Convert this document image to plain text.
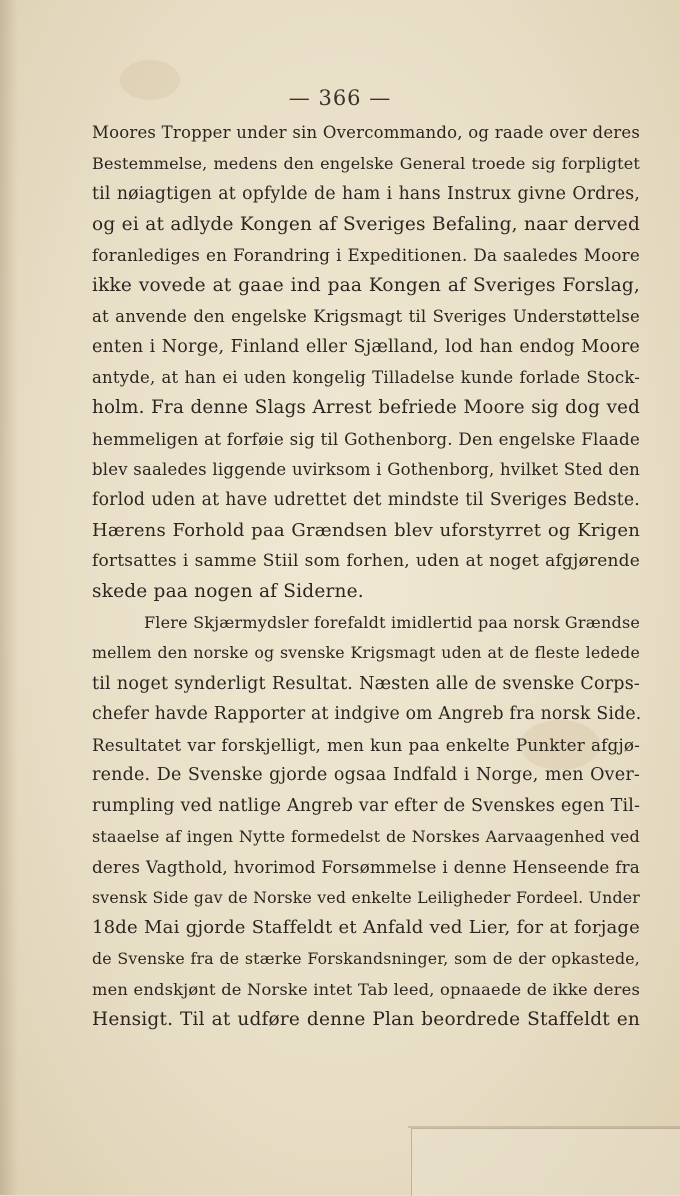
— 366 —
Moores Tropper under sin Overcommando, og raade over deres
Bestemmelse, medens den engelske General troede sig forpligtet
til nøiagtigen at opfylde de ham i hans Instrux givne Ordres,
og ei at adlyde Kongen af Sveriges Befaling, naar derved
foranlediges en Forandring i Expeditionen. Da saaledes Moore
ikke vovede at gaae ind paa Kongen af Sveriges Forslag,
at anvende den engelske Krigsmagt til Sveriges Understøttelse
enten i Norge, Finland eller Sjælland, lod han endog Moore
antyde, at han ei uden kongelig Tilladelse kunde forlade Stock-
holm. Fra denne Slags Arrest befriede Moore sig dog ved
hemmeligen at forføie sig til Gothenborg. Den engelske Flaade
blev saaledes liggende uvirksom i Gothenborg, hvilket Sted den
forlod uden at have udrettet det mindste til Sveriges Bedste.
Hærens Forhold paa Grændsen blev uforstyrret og Krigen
fortsattes i samme Stiil som forhen, uden at noget afgjørende
skede paa nogen af Siderne.
Flere Skjærmydsler forefaldt imidlertid paa norsk Grændse
mellem den norske og svenske Krigsmagt uden at de fleste ledede
til noget synderligt Resultat. Næsten alle de svenske Corps-
chefer havde Rapporter at indgive om Angreb fra norsk Side.
Resultatet var forskjelligt, men kun paa enkelte Punkter afgjø-
rende. De Svenske gjorde ogsaa Indfald i Norge, men Over-
rumpling ved natlige Angreb var efter de Svenskes egen Til-
staaelse af ingen Nytte formedelst de Norskes Aarvaagenhed ved
deres Vagthold, hvorimod Forsømmelse i denne Henseende fra
svensk Side gav de Norske ved enkelte Leiligheder Fordeel. Under
18de Mai gjorde Staffeldt et Anfald ved Lier, for at forjage
de Svenske fra de stærke Forskandsninger, som de der opkastede,
men endskjønt de Norske intet Tab leed, opnaaede de ikke deres
Hensigt. Til at udføre denne Plan beordrede Staffeldt en
